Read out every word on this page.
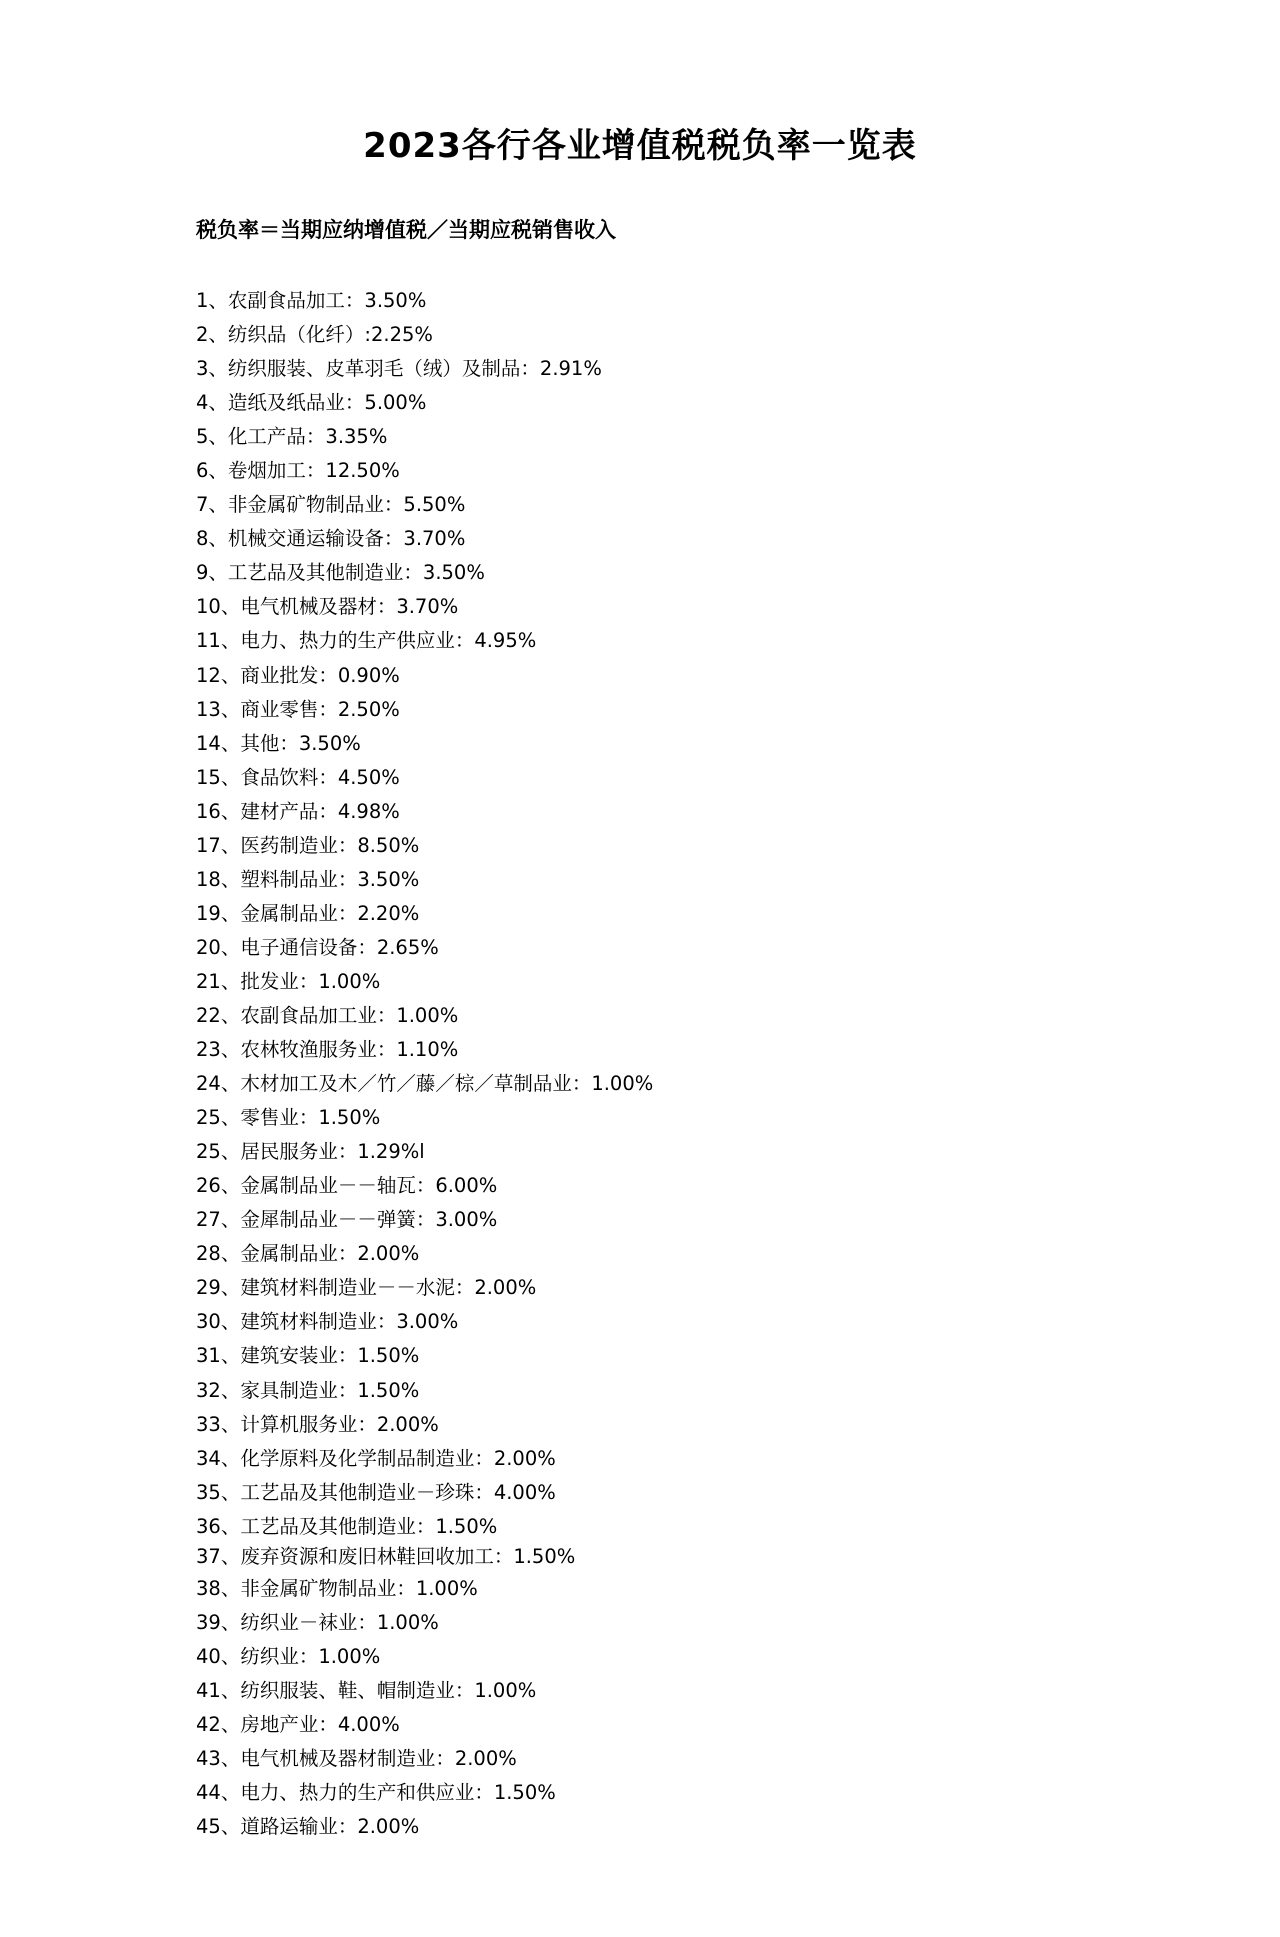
2023各行各业增值税税负率一览表
税负率＝当期应纳增值税／当期应税销售收入
1、农副食品加工：3.50%
2、纺织品（化纤）:2.25%
3、纺织服装、皮革羽毛（绒）及制品：2.91%
4、造纸及纸品业：5.00%
5、化工产品：3.35%
6、卷烟加工：12.50%
7、非金属矿物制品业：5.50%
8、机械交通运输设备：3.70%
9、工艺品及其他制造业：3.50%
10、电气机械及器材：3.70%
11、电力、热力的生产供应业：4.95%
12、商业批发：0.90%
13、商业零售：2.50%
14、其他：3.50%
15、食品饮料：4.50%
16、建材产品：4.98%
17、医药制造业：8.50%
18、塑料制品业：3.50%
19、金属制品业：2.20%
20、电子通信设备：2.65%
21、批发业：1.00%
22、农副食品加工业：1.00%
23、农林牧渔服务业：1.10%
24、木材加工及木／竹／藤／棕／草制品业：1.00%
25、零售业：1.50%
25、居民服务业：1.29%l
26、金属制品业－－轴瓦：6.00%
27、金犀制品业－－弹簧：3.00%
28、金属制品业：2.00%
29、建筑材料制造业－－水泥：2.00%
30、建筑材料制造业：3.00%
31、建筑安装业：1.50%
32、家具制造业：1.50%
33、计算机服务业：2.00%
34、化学原料及化学制品制造业：2.00%
35、工艺品及其他制造业－珍珠：4.00%
36、工艺品及其他制造业：1.50%
37、废弃资源和废旧林鞋回收加工：1.50%
38、非金属矿物制品业：1.00%
39、纺织业－袜业：1.00%
40、纺织业：1.00%
41、纺织服装、鞋、帽制造业：1.00%
42、房地产业：4.00%
43、电气机械及器材制造业：2.00%
44、电力、热力的生产和供应业：1.50%
45、道路运输业：2.00%
